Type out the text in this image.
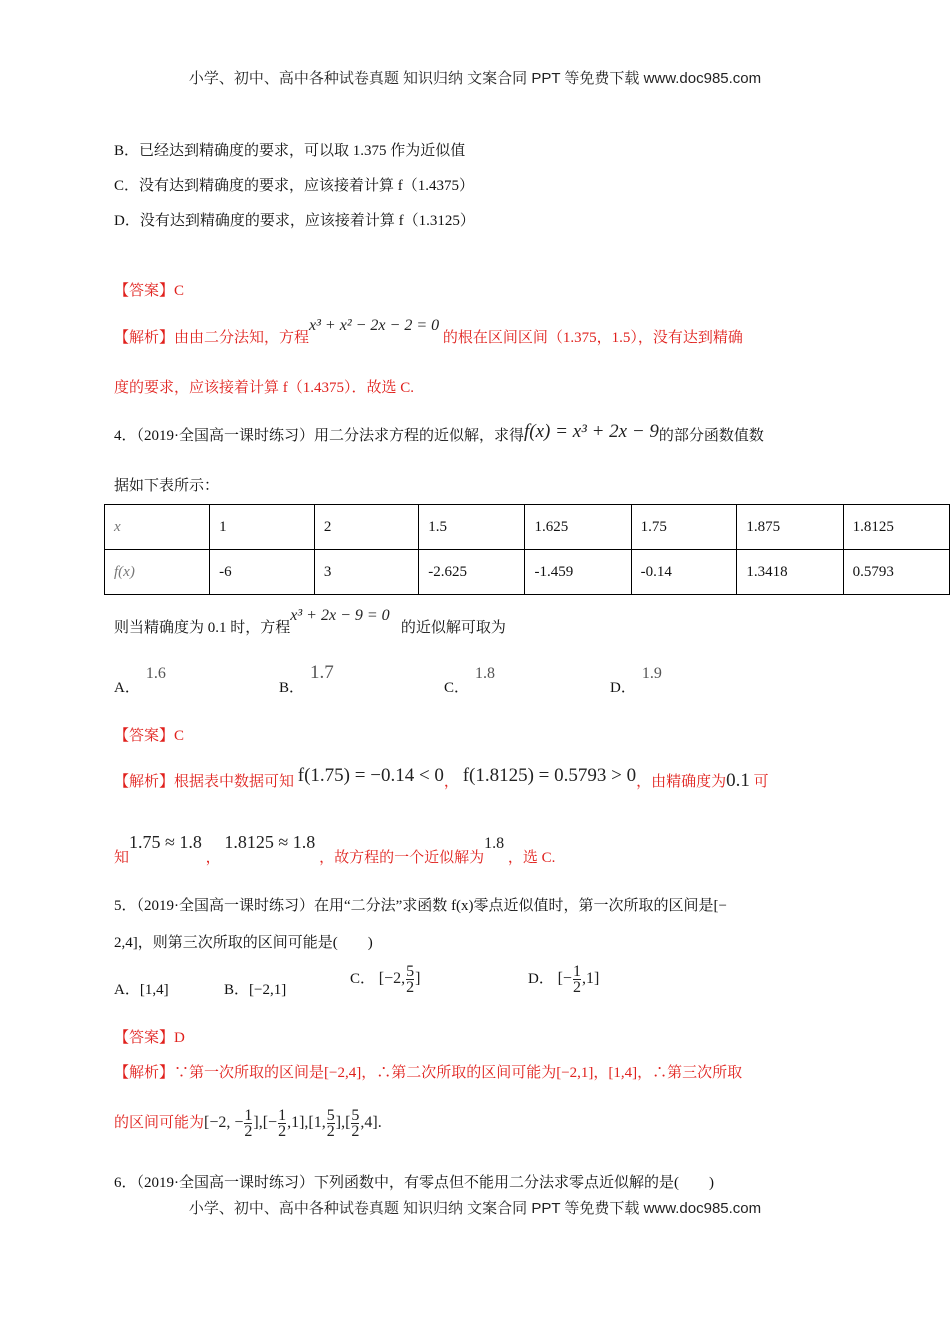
小学、初中、高中各种试卷真题 知识归纳 文案合同 PPT 等免费下载 www.doc985.com
B．已经达到精确度的要求，可以取 1.375 作为近似值
C．没有达到精确度的要求，应该接着计算 f（1.4375）
D．没有达到精确度的要求，应该接着计算 f（1.3125）
【答案】C
【解析】由由二分法知，方程x³ + x² − 2x − 2 = 0 的根在区间区间（1.375，1.5），没有达到精确
度的要求，应该接着计算 f（1.4375）．故选 C.
4．（2019·全国高一课时练习）用二分法求方程的近似解，求得f(x) = x³ + 2x − 9的部分函数值数
据如下表所示：
x	1	2	1.5	1.625	1.75	1.875	1.8125
f(x)	-6	3	-2.625	-1.459	-0.14	1.3418	0.5793
则当精确度为 0.1 时，方程x³ + 2x − 9 = 0   的近似解可取为
A．1.6
B．1.7
C．1.8
D．1.9
【答案】C
【解析】根据表中数据可知 f(1.75) = −0.14 < 0， f(1.8125) = 0.5793 > 0，由精确度为0.1 可
知1.75 ≈ 1.8 ， 1.8125 ≈ 1.8 ，故方程的一个近似解为1.8 ，选 C.
5．（2019·全国高一课时练习）在用“二分法”求函数 f(x)零点近似值时，第一次所取的区间是[−
2,4]，则第三次所取的区间可能是(　　)
A．[1,4]	B．[−2,1]
C． [−2, $\frac{5}{2}$ ]	D． [− $\frac{1}{2} ,1$]
【答案】D
【解析】∵第一次所取的区间是[−2,4]，∴第二次所取的区间可能为[−2,1]，[1,4]，∴第三次所取
的区间可能为[−2, − $\frac{1}{2}$ ],[− $\frac{1}{2} ,1],[1$, $\frac{5}{2}$ ],[ $\frac{5}{2} ,4$].
6．（2019·全国高一课时练习）下列函数中，有零点但不能用二分法求零点近似解的是(　　)
小学、初中、高中各种试卷真题 知识归纳 文案合同 PPT 等免费下载 www.doc985.com
